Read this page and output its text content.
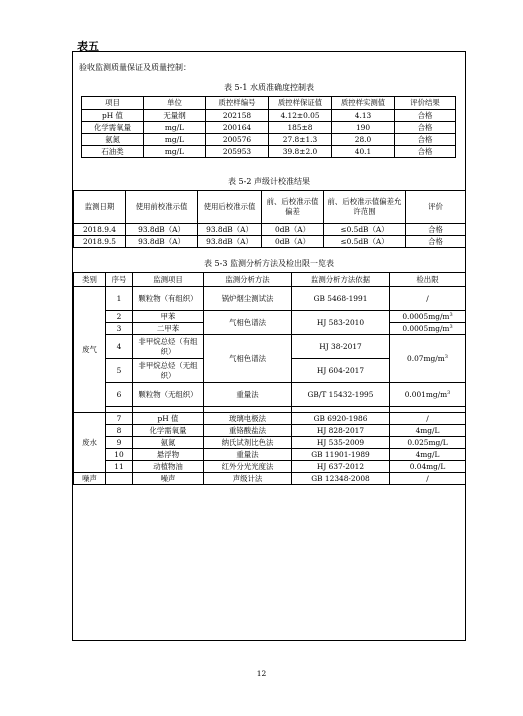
表五
验收监测质量保证及质量控制：
表 5-1 水质准确度控制表
项目	单位	质控样编号	质控样保证值	质控样实测值	评价结果
pH 值	无量纲	202158	4.12±0.05	4.13	合格
化学需氧量	mg/L	200164	185±8	190	合格
氨氮	mg/L	200576	27.8±1.3	28.0	合格
石油类	mg/L	205953	39.8±2.0	40.1	合格
表 5-2 声级计校准结果
监测日期	使用前校准示值	使用后校准示值	前、后校准示值偏差	前、后校准示值偏差允许范围	评价
2018.9.4	93.8dB（A）	93.8dB（A）	0dB（A）	≤0.5dB（A）	合格
2018.9.5	93.8dB（A）	93.8dB（A）	0dB（A）	≤0.5dB（A）	合格
表 5-3 监测分析方法及检出限一览表
类别	序号	监测项目	监测分析方法	监测分析方法依据	检出限
废气	1	颗粒物（有组织）	锅炉烟尘测试法	GB 5468-1991	/
	2	甲苯	气相色谱法	HJ 583-2010	$0.0005mg/m^3$
	3	二甲苯			$0.0005mg/m^3$
	4	非甲烷总烃（有组织）	气相色谱法	HJ 38-2017	$0.07mg/m^3$
	5	非甲烷总烃（无组织）		HJ 604-2017	
	6	颗粒物（无组织）	重量法	GB/T 15432-1995	$0.001mg/m^3$

废水	7	pH 值	玻璃电极法	GB 6920-1986	/
	8	化学需氧量	重铬酸盐法	HJ 828-2017	4mg/L
	9	氨氮	纳氏试剂比色法	HJ 535-2009	0.025mg/L
	10	悬浮物	重量法	GB 11901-1989	4mg/L
	11	动植物油	红外分光光度法	HJ 637-2012	0.04mg/L
噪声		噪声	声级计法	GB 12348-2008	/
12
